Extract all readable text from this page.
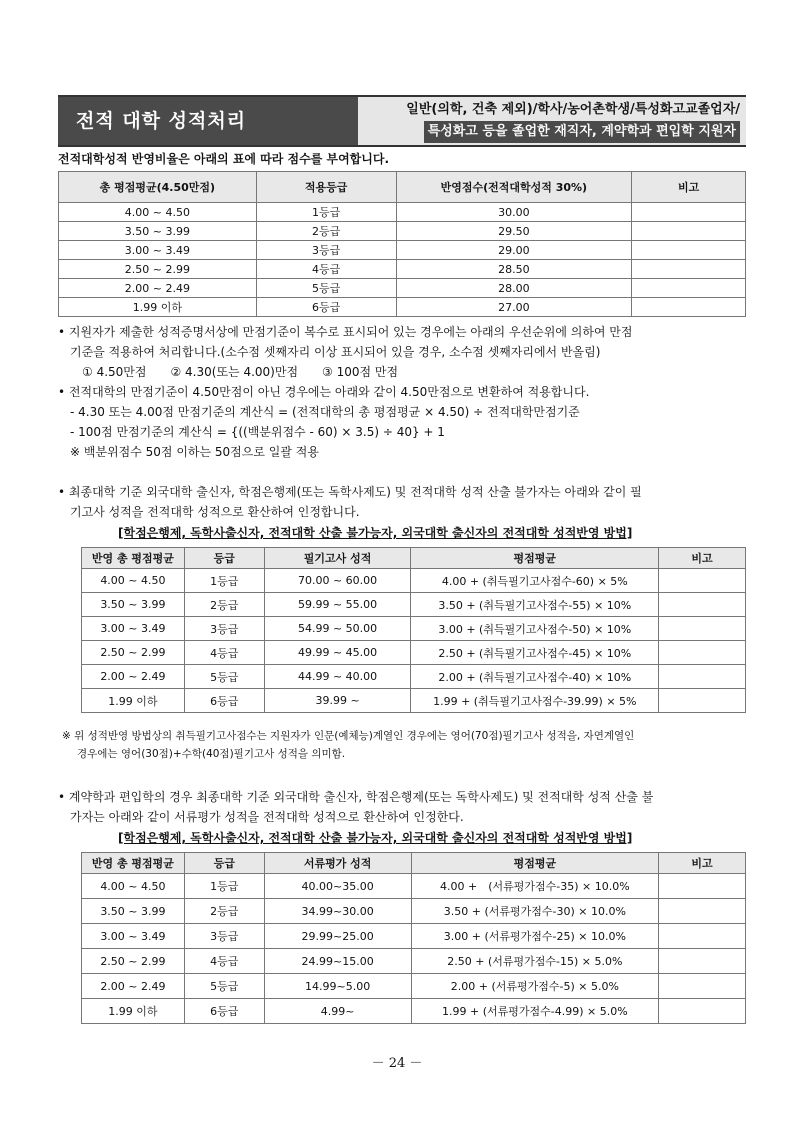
전적 대학 성적처리
일반(의학, 건축 제외)/학사/농어촌학생/특성화고교졸업자/
특성화고 등을 졸업한 재직자, 계약학과 편입학 지원자
전적대학성적 반영비율은 아래의 표에 따라 점수를 부여합니다.
총 평점평균(4.50만점)	적용등급	반영점수(전적대학성적 30%)	비고
4.00 ~ 4.50	1등급	30.00	
3.50 ~ 3.99	2등급	29.50	
3.00 ~ 3.49	3등급	29.00	
2.50 ~ 2.99	4등급	28.50	
2.00 ~ 2.49	5등급	28.00	
1.99 이하	6등급	27.00	
• 지원자가 제출한 성적증명서상에 만점기준이 복수로 표시되어 있는 경우에는 아래의 우선순위에 의하여 만점
기준을 적용하여 처리합니다.(소수점 셋째자리 이상 표시되어 있을 경우, 소수점 셋째자리에서 반올림)
① 4.50만점　　② 4.30(또는 4.00)만점　　③ 100점 만점
• 전적대학의 만점기준이 4.50만점이 아닌 경우에는 아래와 같이 4.50만점으로 변환하여 적용합니다.
- 4.30 또는 4.00점 만점기준의 계산식 = (전적대학의 총 평점평균 × 4.50) ÷ 전적대학만점기준
- 100점 만점기준의 계산식 = {((백분위점수 - 60) × 3.5) ÷ 40} + 1
※ 백분위점수 50점 이하는 50점으로 일괄 적용
• 최종대학 기준 외국대학 출신자, 학점은행제(또는 독학사제도) 및 전적대학 성적 산출 불가자는 아래와 같이 필
기고사 성적을 전적대학 성적으로 환산하여 인정합니다.
[학점은행제, 독학사출신자, 전적대학 산출 불가능자, 외국대학 출신자의 전적대학 성적반영 방법]
반영 총 평점평균	등급	필기고사 성적	평점평균	비고
4.00 ~ 4.50	1등급	70.00 ~ 60.00	4.00 + (취득필기고사점수-60) × 5%	
3.50 ~ 3.99	2등급	59.99 ~ 55.00	3.50 + (취득필기고사점수-55) × 10%	
3.00 ~ 3.49	3등급	54.99 ~ 50.00	3.00 + (취득필기고사점수-50) × 10%	
2.50 ~ 2.99	4등급	49.99 ~ 45.00	2.50 + (취득필기고사점수-45) × 10%	
2.00 ~ 2.49	5등급	44.99 ~ 40.00	2.00 + (취득필기고사점수-40) × 10%	
1.99 이하	6등급	39.99 ~	1.99 + (취득필기고사점수-39.99) × 5%	
※ 위 성적반영 방법상의 취득필기고사점수는 지원자가 인문(예체능)계열인 경우에는 영어(70점)필기고사 성적을, 자연계열인
경우에는 영어(30점)+수학(40점)필기고사 성적을 의미함.
• 계약학과 편입학의 경우 최종대학 기준 외국대학 출신자, 학점은행제(또는 독학사제도) 및 전적대학 성적 산출 불
가자는 아래와 같이 서류평가 성적을 전적대학 성적으로 환산하여 인정한다.
[학점은행제, 독학사출신자, 전적대학 산출 불가능자, 외국대학 출신자의 전적대학 성적반영 방법]
반영 총 평점평균	등급	서류평가 성적	평점평균	비고
4.00 ~ 4.50	1등급	40.00~35.00	4.00 +　(서류평가점수-35) × 10.0%	
3.50 ~ 3.99	2등급	34.99~30.00	3.50 + (서류평가점수-30) × 10.0%	
3.00 ~ 3.49	3등급	29.99~25.00	3.00 + (서류평가점수-25) × 10.0%	
2.50 ~ 2.99	4등급	24.99~15.00	2.50 + (서류평가점수-15) × 5.0%	
2.00 ~ 2.49	5등급	14.99~5.00	2.00 + (서류평가점수-5) × 5.0%	
1.99 이하	6등급	4.99~	1.99 + (서류평가점수-4.99) × 5.0%	
－ 24 －
